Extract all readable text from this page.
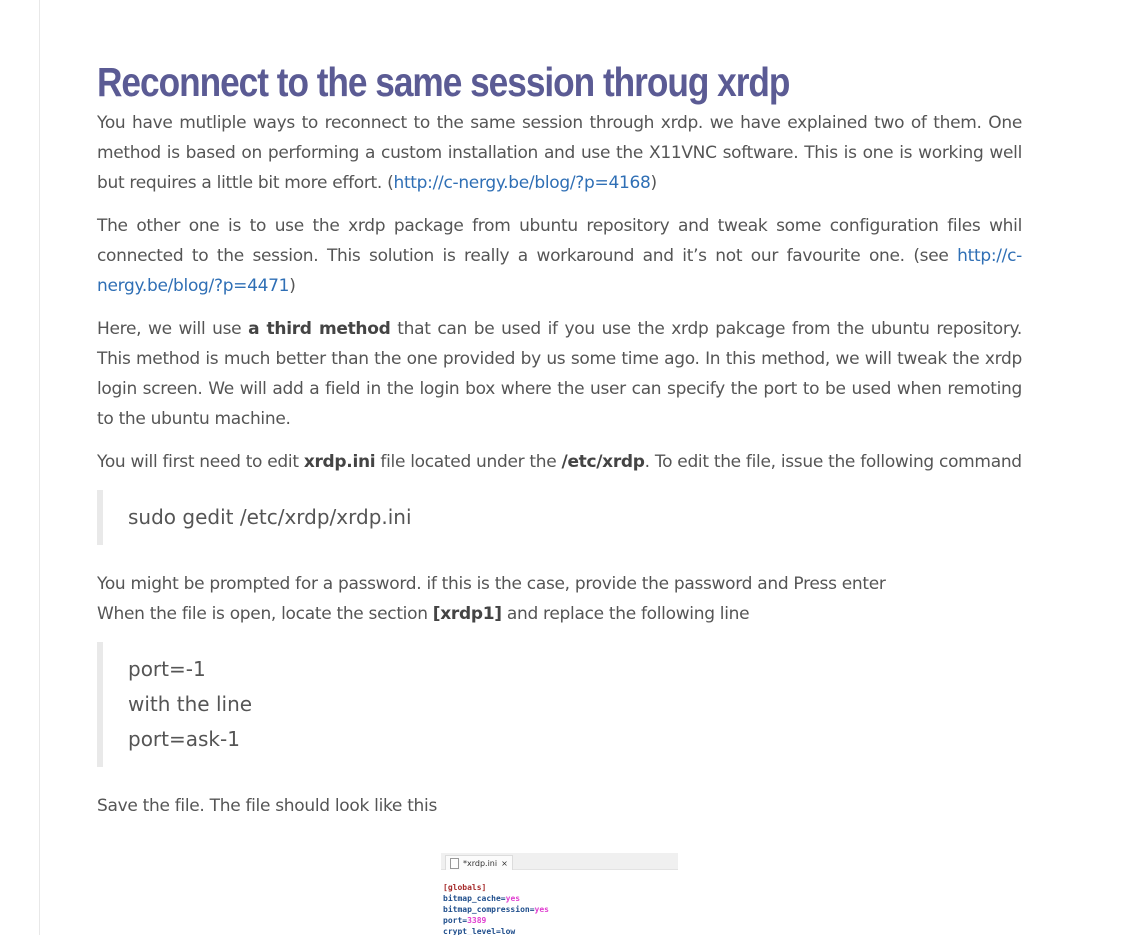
Reconnect to the same session throug xrdp

You have mutliple ways to reconnect to the same session through xrdp. we have explained two of them. One method is based on performing a custom installation and use the X11VNC software. This is one is working well but requires a little bit more effort. (http://c-nergy.be/blog/?p=4168)

The other one is to use the xrdp package from ubuntu repository and tweak some configuration files whil connected to the session. This solution is really a workaround and it’s not our favourite one. (see http://c-nergy.be/blog/?p=4471)

Here, we will use a third method that can be used if you use the xrdp pakcage from the ubuntu repository. This method is much better than the one provided by us some time ago. In this method, we will tweak the xrdp login screen. We will add a field in the login box where the user can specify the port to be used when remoting to the ubuntu machine.

You will first need to edit xrdp.ini file located under the /etc/xrdp. To edit the file, issue the following command

sudo gedit /etc/xrdp/xrdp.ini

You might be prompted for a password. if this is the case, provide the password and Press enter
When the file is open, locate the section [xrdp1] and replace the following line

port=-1
with the line
port=ask-1

Save the file. The file should look like this

*xrdp.ini ×
[globals]
bitmap_cache=yes
bitmap_compression=yes
port=3389
crypt_level=low
